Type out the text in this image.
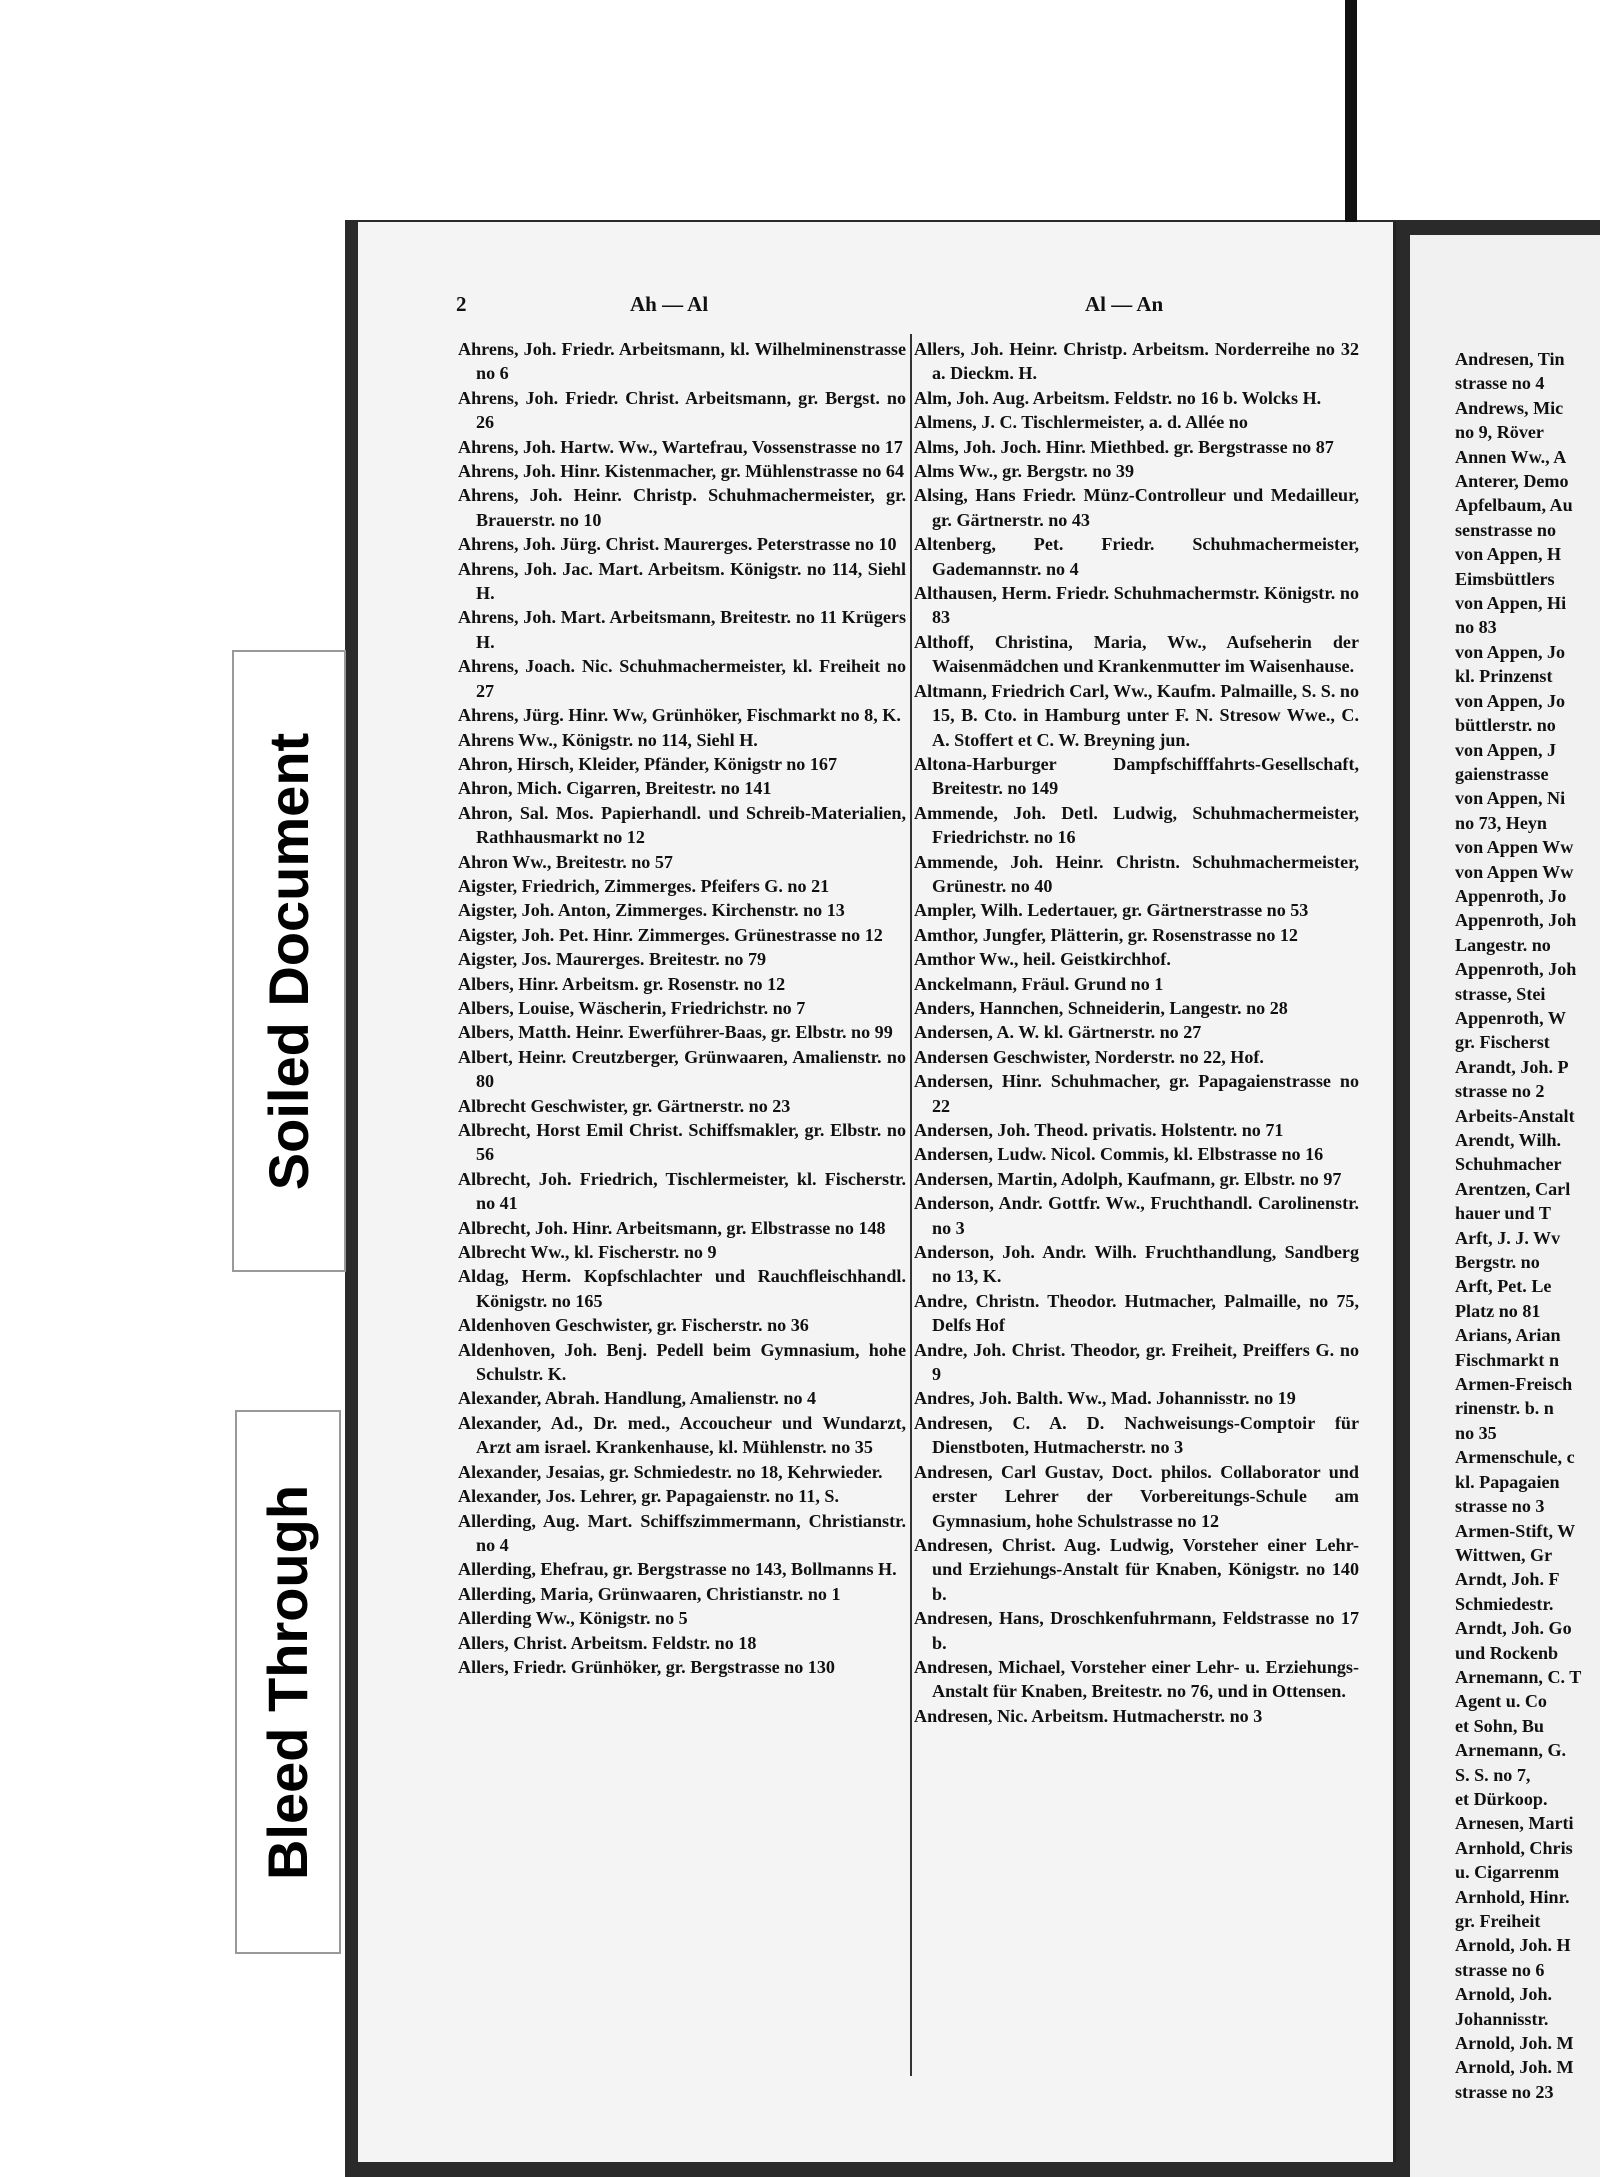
Soiled Document
Bleed Through
2	Ah — Al	Al — An
Ahrens, Joh. Friedr. Arbeitsmann, kl. Wilhelminenstrasse no 6
Ahrens, Joh. Friedr. Christ. Arbeitsmann, gr. Bergst. no 26
Ahrens, Joh. Hartw. Ww., Wartefrau, Vossenstrasse no 17
Ahrens, Joh. Hinr. Kistenmacher, gr. Mühlenstrasse no 64
Ahrens, Joh. Heinr. Christp. Schuhmachermeister, gr. Brauerstr. no 10
Ahrens, Joh. Jürg. Christ. Maurerges. Peterstrasse no 10
Ahrens, Joh. Jac. Mart. Arbeitsm. Königstr. no 114, Siehl H.
Ahrens, Joh. Mart. Arbeitsmann, Breitestr. no 11 Krügers H.
Ahrens, Joach. Nic. Schuhmachermeister, kl. Freiheit no 27
Ahrens, Jürg. Hinr. Ww, Grünhöker, Fischmarkt no 8, K.
Ahrens Ww., Königstr. no 114, Siehl H.
Ahron, Hirsch, Kleider, Pfänder, Königstr no 167
Ahron, Mich. Cigarren, Breitestr. no 141
Ahron, Sal. Mos. Papierhandl. und Schreib-Materialien, Rathhausmarkt no 12
Ahron Ww., Breitestr. no 57
Aigster, Friedrich, Zimmerges. Pfeifers G. no 21
Aigster, Joh. Anton, Zimmerges. Kirchenstr. no 13
Aigster, Joh. Pet. Hinr. Zimmerges. Grünestrasse no 12
Aigster, Jos. Maurerges. Breitestr. no 79
Albers, Hinr. Arbeitsm. gr. Rosenstr. no 12
Albers, Louise, Wäscherin, Friedrichstr. no 7
Albers, Matth. Heinr. Ewerführer-Baas, gr. Elbstr. no 99
Albert, Heinr. Creutzberger, Grünwaaren, Amalienstr. no 80
Albrecht Geschwister, gr. Gärtnerstr. no 23
Albrecht, Horst Emil Christ. Schiffsmakler, gr. Elbstr. no 56
Albrecht, Joh. Friedrich, Tischlermeister, kl. Fischerstr. no 41
Albrecht, Joh. Hinr. Arbeitsmann, gr. Elbstrasse no 148
Albrecht Ww., kl. Fischerstr. no 9
Aldag, Herm. Kopfschlachter und Rauchfleischhandl. Königstr. no 165
Aldenhoven Geschwister, gr. Fischerstr. no 36
Aldenhoven, Joh. Benj. Pedell beim Gymnasium, hohe Schulstr. K.
Alexander, Abrah. Handlung, Amalienstr. no 4
Alexander, Ad., Dr. med., Accoucheur und Wundarzt, Arzt am israel. Krankenhause, kl. Mühlenstr. no 35
Alexander, Jesaias, gr. Schmiedestr. no 18, Kehrwieder.
Alexander, Jos. Lehrer, gr. Papagaienstr. no 11, S.
Allerding, Aug. Mart. Schiffszimmermann, Christianstr. no 4
Allerding, Ehefrau, gr. Bergstrasse no 143, Bollmanns H.
Allerding, Maria, Grünwaaren, Christianstr. no 1
Allerding Ww., Königstr. no 5
Allers, Christ. Arbeitsm. Feldstr. no 18
Allers, Friedr. Grünhöker, gr. Bergstrasse no 130
Allers, Joh. Heinr. Christp. Arbeitsm. Norderreihe no 32 a. Dieckm. H.
Alm, Joh. Aug. Arbeitsm. Feldstr. no 16 b. Wolcks H.
Almens, J. C. Tischlermeister, a. d. Allée no
Alms, Joh. Joch. Hinr. Miethbed. gr. Bergstrasse no 87
Alms Ww., gr. Bergstr. no 39
Alsing, Hans Friedr. Münz-Controlleur und Medailleur, gr. Gärtnerstr. no 43
Altenberg, Pet. Friedr. Schuhmachermeister, Gademannstr. no 4
Althausen, Herm. Friedr. Schuhmachermstr. Königstr. no 83
Althoff, Christina, Maria, Ww., Aufseherin der Waisenmädchen und Krankenmutter im Waisenhause.
Altmann, Friedrich Carl, Ww., Kaufm. Palmaille, S. S. no 15, B. Cto. in Hamburg unter F. N. Stresow Wwe., C. A. Stoffert et C. W. Breyning jun.
Altona-Harburger Dampfschifffahrts-Gesellschaft, Breitestr. no 149
Ammende, Joh. Detl. Ludwig, Schuhmachermeister, Friedrichstr. no 16
Ammende, Joh. Heinr. Christn. Schuhmachermeister, Grünestr. no 40
Ampler, Wilh. Ledertauer, gr. Gärtnerstrasse no 53
Amthor, Jungfer, Plätterin, gr. Rosenstrasse no 12
Amthor Ww., heil. Geistkirchhof.
Anckelmann, Fräul. Grund no 1
Anders, Hannchen, Schneiderin, Langestr. no 28
Andersen, A. W. kl. Gärtnerstr. no 27
Andersen Geschwister, Norderstr. no 22, Hof.
Andersen, Hinr. Schuhmacher, gr. Papagaienstrasse no 22
Andersen, Joh. Theod. privatis. Holstentr. no 71
Andersen, Ludw. Nicol. Commis, kl. Elbstrasse no 16
Andersen, Martin, Adolph, Kaufmann, gr. Elbstr. no 97
Anderson, Andr. Gottfr. Ww., Fruchthandl. Carolinenstr. no 3
Anderson, Joh. Andr. Wilh. Fruchthandlung, Sandberg no 13, K.
Andre, Christn. Theodor. Hutmacher, Palmaille, no 75, Delfs Hof
Andre, Joh. Christ. Theodor, gr. Freiheit, Preiffers G. no 9
Andres, Joh. Balth. Ww., Mad. Johannisstr. no 19
Andresen, C. A. D. Nachweisungs-Comptoir für Dienstboten, Hutmacherstr. no 3
Andresen, Carl Gustav, Doct. philos. Collaborator und erster Lehrer der Vorbereitungs-Schule am Gymnasium, hohe Schulstrasse no 12
Andresen, Christ. Aug. Ludwig, Vorsteher einer Lehr- und Erziehungs-Anstalt für Knaben, Königstr. no 140 b.
Andresen, Hans, Droschkenfuhrmann, Feldstrasse no 17 b.
Andresen, Michael, Vorsteher einer Lehr- u. Erziehungs-Anstalt für Knaben, Breitestr. no 76, und in Ottensen.
Andresen, Nic. Arbeitsm. Hutmacherstr. no 3
Andresen, Tin
strasse no 4
Andrews, Mic
no 9, Röver
Annen Ww., A
Anterer, Demo
Apfelbaum, Au
senstrasse no
von Appen, H
Eimsbüttlers
von Appen, Hi
no 83
von Appen, Jo
kl. Prinzenst
von Appen, Jo
büttlerstr. no
von Appen, J
gaienstrasse
von Appen, Ni
no 73, Heyn
von Appen Ww
von Appen Ww
Appenroth, Jo
Appenroth, Joh
Langestr. no
Appenroth, Joh
strasse, Stei
Appenroth, W
gr. Fischerst
Arandt, Joh. P
strasse no 2
Arbeits-Anstalt
Arendt, Wilh.
Schuhmacher
Arentzen, Carl
hauer und T
Arft, J. J. Wv
Bergstr. no
Arft, Pet. Le
Platz no 81
Arians, Arian
Fischmarkt n
Armen-Freisch
rinenstr. b. n
no 35
Armenschule, c
kl. Papagaien
strasse no 3
Armen-Stift, W
Wittwen, Gr
Arndt, Joh. F
Schmiedestr.
Arndt, Joh. Go
und Rockenb
Arnemann, C. T
Agent u. Co
et Sohn, Bu
Arnemann, G.
S. S. no 7,
et Dürkoop.
Arnesen, Marti
Arnhold, Chris
u. Cigarrenm
Arnhold, Hinr.
gr. Freiheit
Arnold, Joh. H
strasse no 6
Arnold, Joh.
Johannisstr.
Arnold, Joh. M
Arnold, Joh. M
strasse no 23
